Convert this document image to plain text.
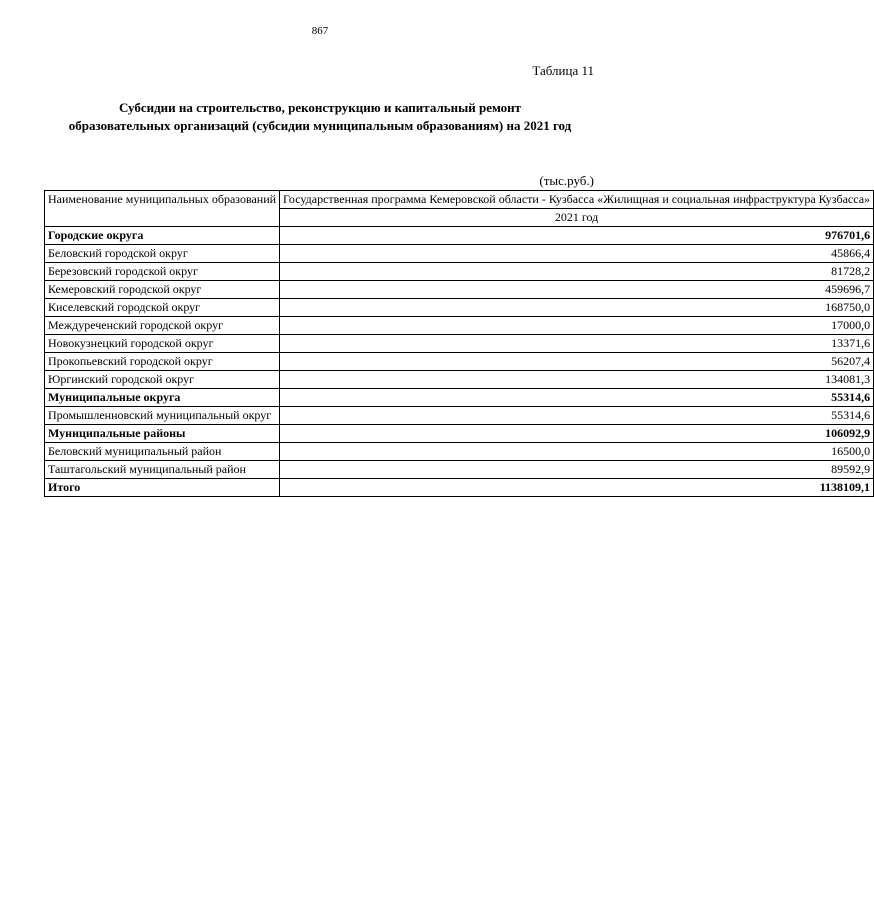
867
Таблица 11
Субсидии на строительство, реконструкцию и капитальный ремонт
образовательных организаций (субсидии муниципальным образованиям) на 2021 год
(тыс.руб.)
Наименование муниципальных образований	Государственная программа Кемеровской области - Кузбасса «Жилищная и социальная инфраструктура Кузбасса»
	2021 год
Городские округа	976701,6
Беловский городской округ	45866,4
Березовский городской округ	81728,2
Кемеровский городской округ	459696,7
Киселевский городской округ	168750,0
Междуреченский городской округ	17000,0
Новокузнецкий городской округ	13371,6
Прокопьевский городской округ	56207,4
Юргинский городской округ	134081,3
Муниципальные округа	55314,6
Промышленновский муниципальный округ	55314,6
Муниципальные районы	106092,9
Беловский муниципальный район	16500,0
Таштагольский муниципальный район	89592,9
Итого	1138109,1
